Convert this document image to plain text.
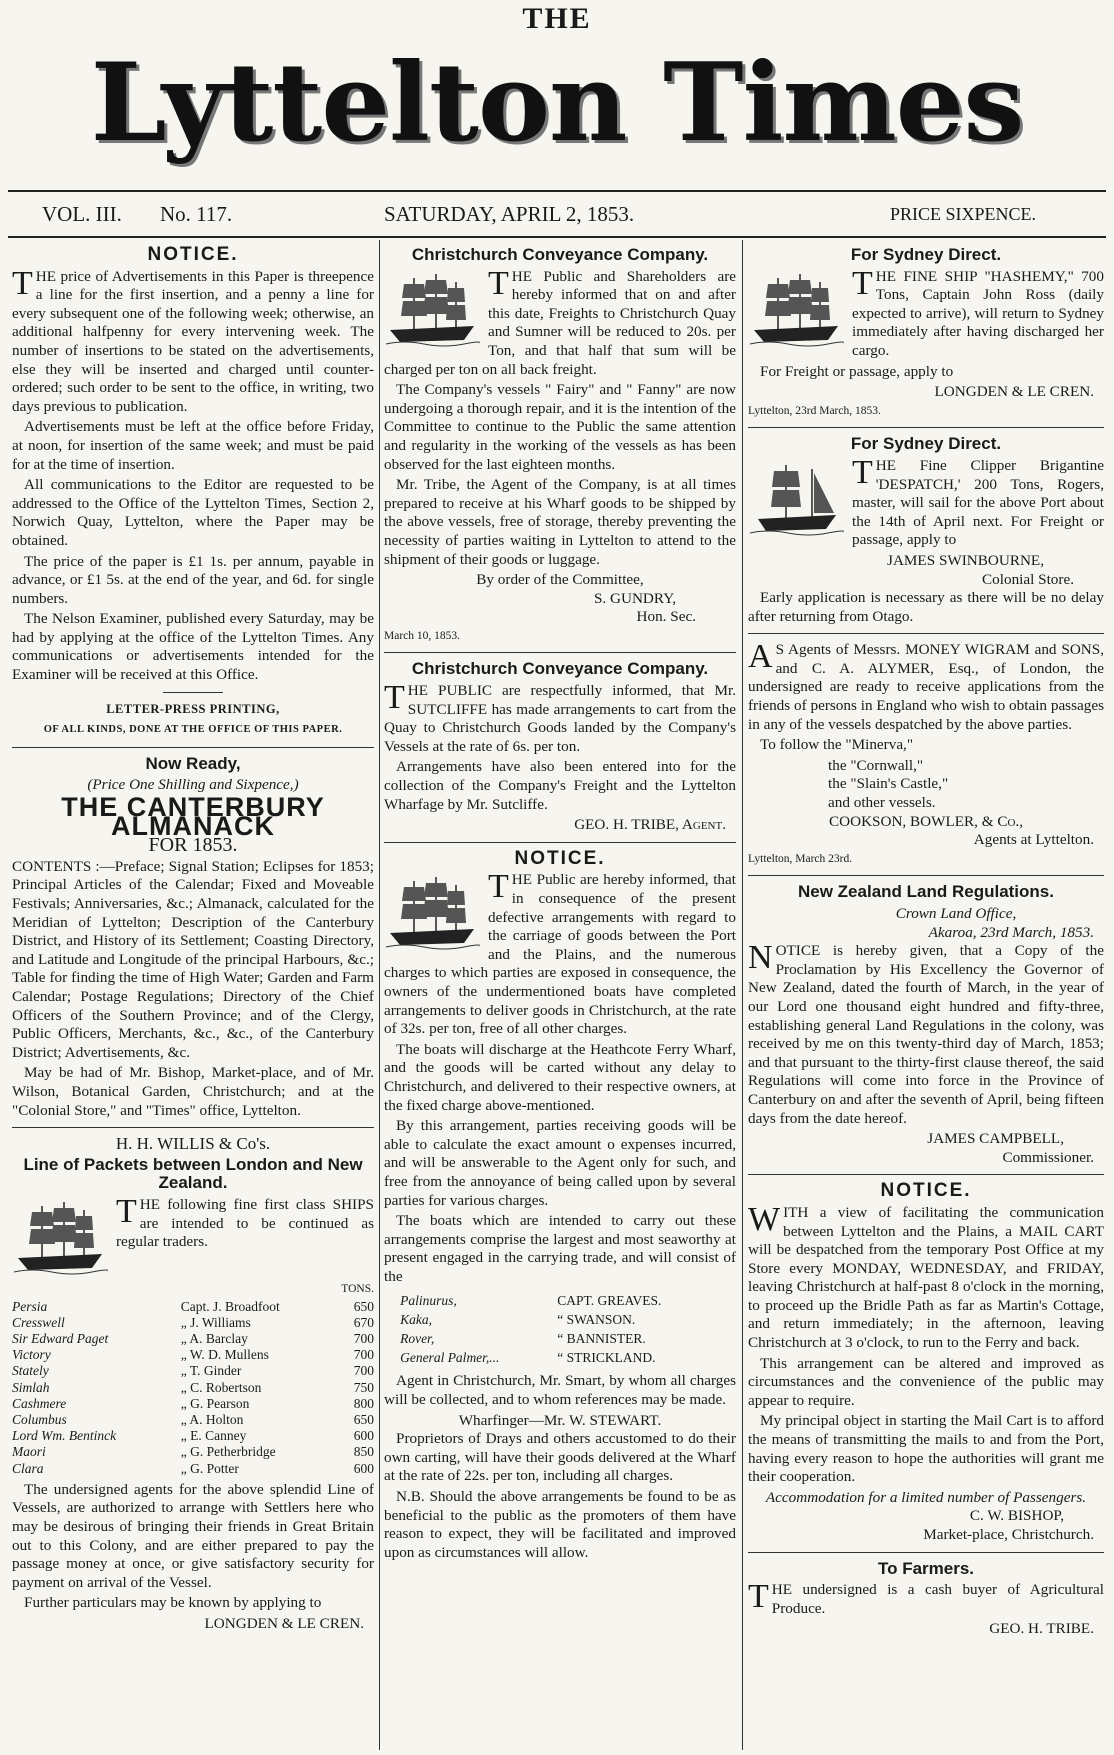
THE
Lyttelton Times
VOL. III. No. 117.	SATURDAY, APRIL 2, 1853.	PRICE SIXPENCE.
NOTICE.

THE price of Advertisements in this Paper is threepence a line for the first insertion, and a penny a line for every subsequent one of the following week; otherwise, an additional halfpenny for every intervening week. The number of insertions to be stated on the advertisements, else they will be inserted and charged until counter-ordered; such order to be sent to the office, in writing, two days previous to publication.

Advertisements must be left at the office before Friday, at noon, for insertion of the same week; and must be paid for at the time of insertion.

All communications to the Editor are requested to be addressed to the Office of the Lyttelton Times, Section 2, Norwich Quay, Lyttelton, where the Paper may be obtained.

The price of the paper is £1 1s. per annum, payable in advance, or £1 5s. at the end of the year, and 6d. for single numbers.

The Nelson Examiner, published every Saturday, may be had by applying at the office of the Lyttelton Times. Any communications or advertisements intended for the Examiner will be received at this Office.

LETTER-PRESS PRINTING,
OF ALL KINDS, DONE AT THE OFFICE OF THIS PAPER.
Now Ready,
(Price One Shilling and Sixpence,)
THE CANTERBURY ALMANACK
FOR 1853.

CONTENTS :—Preface; Signal Station; Eclipses for 1853; Principal Articles of the Calendar; Fixed and Moveable Festivals; Anniversaries, &c.; Almanack, calculated for the Meridian of Lyttelton; Description of the Canterbury District, and History of its Settlement; Coasting Directory, and Latitude and Longitude of the principal Harbours, &c.; Table for finding the time of High Water; Garden and Farm Calendar; Postage Regulations; Directory of the Chief Officers of the Southern Province; and of the Clergy, Public Officers, Merchants, &c., &c., of the Canterbury District; Advertisements, &c.

May be had of Mr. Bishop, Market-place, and of Mr. Wilson, Botanical Garden, Christchurch; and at the "Colonial Store," and "Times" office, Lyttelton.

H. H. WILLIS & Co's.
Line of Packets between London and New Zealand.

THE following fine first class SHIPS are intended to be continued as regular traders.

TONS.
Persia	Capt. J. Broadfoot	650
Cresswell	„ J. Williams	670
Sir Edward Paget	„ A. Barclay	700
Victory	„ W. D. Mullens	700
Stately	„ T. Ginder	700
Simlah	„ C. Robertson	750
Cashmere	„ G. Pearson	800
Columbus	„ A. Holton	650
Lord Wm. Bentinck	„ E. Canney	600
Maori	„ G. Petherbridge	850
Clara	„ G. Potter	600

The undersigned agents for the above splendid Line of Vessels, are authorized to arrange with Settlers here who may be desirous of bringing their friends in Great Britain out to this Colony, and are either prepared to pay the passage money at once, or give satisfactory security for payment on arrival of the Vessel.

Further particulars may be known by applying to

LONGDEN & LE CREN.
Christchurch Conveyance Company.

THE Public and Shareholders are hereby informed that on and after this date, Freights to Christchurch Quay and Sumner will be reduced to 20s. per Ton, and that half that sum will be charged per ton on all back freight.

The Company's vessels " Fairy" and " Fanny" are now undergoing a thorough repair, and it is the intention of the Committee to continue to the Public the same attention and regularity in the working of the vessels as has been observed for the last eighteen months.

Mr. Tribe, the Agent of the Company, is at all times prepared to receive at his Wharf goods to be shipped by the above vessels, free of storage, thereby preventing the necessity of parties waiting in Lyttelton to attend to the shipment of their goods or luggage.

By order of the Committee,
S. GUNDRY,
Hon. Sec.
March 10, 1853.
Christchurch Conveyance Company.

THE PUBLIC are respectfully informed, that Mr. SUTCLIFFE has made arrangements to cart from the Quay to Christchurch Goods landed by the Company's Vessels at the rate of 6s. per ton.

Arrangements have also been entered into for the collection of the Company's Freight and the Lyttelton Wharfage by Mr. Sutcliffe.

GEO. H. TRIBE, Agent.
NOTICE.

THE Public are hereby informed, that in consequence of the present defective arrangements with regard to the carriage of goods between the Port and the Plains, and the numerous charges to which parties are exposed in consequence, the owners of the undermentioned boats have completed arrangements to deliver goods in Christchurch, at the rate of 32s. per ton, free of all other charges.

The boats will discharge at the Heathcote Ferry Wharf, and the goods will be carted without any delay to Christchurch, and delivered to their respective owners, at the fixed charge above-mentioned.

By this arrangement, parties receiving goods will be able to calculate the exact amount o expenses incurred, and will be answerable to the Agent only for such, and free from the annoyance of being called upon by several parties for various charges.

The boats which are intended to carry out these arrangements comprise the largest and most seaworthy at present engaged in the carrying trade, and will consist of the

Palinurus,	CAPT. GREAVES.
Kaka,	“ SWANSON.
Rover,	“ BANNISTER.
General Palmer,...	“ STRICKLAND.

Agent in Christchurch, Mr. Smart, by whom all charges will be collected, and to whom references may be made.

Wharfinger—Mr. W. STEWART.

Proprietors of Drays and others accustomed to do their own carting, will have their goods delivered at the Wharf at the rate of 22s. per ton, including all charges.

N.B. Should the above arrangements be found to be as beneficial to the public as the promoters of them have reason to expect, they will be facilitated and improved upon as circumstances will allow.

For Sydney Direct.

THE FINE SHIP "HASHEMY," 700 Tons, Captain John Ross (daily expected to arrive), will return to Sydney immediately after having discharged her cargo.

For Freight or passage, apply to

LONGDEN & LE CREN.
Lyttelton, 23rd March, 1853.
For Sydney Direct.

THE Fine Clipper Brigantine 'DESPATCH,' 200 Tons, Rogers, master, will sail for the above Port about the 14th of April next. For Freight or passage, apply to

JAMES SWINBOURNE,
Colonial Store.

Early application is necessary as there will be no delay after returning from Otago.

AS Agents of Messrs. MONEY WIGRAM and SONS, and C. A. ALYMER, Esq., of London, the undersigned are ready to receive applications from the friends of persons in England who wish to obtain passages in any of the vessels despatched by the above parties.

To follow the "Minerva,"

the "Cornwall,"
the "Slain's Castle,"
and other vessels.
COOKSON, BOWLER, & Co.,
Agents at Lyttelton.
Lyttelton, March 23rd.
New Zealand Land Regulations.
Crown Land Office,
Akaroa, 23rd March, 1853.

NOTICE is hereby given, that a Copy of the Proclamation by His Excellency the Governor of New Zealand, dated the fourth of March, in the year of our Lord one thousand eight hundred and fifty-three, establishing general Land Regulations in the colony, was received by me on this twenty-third day of March, 1853; and that pursuant to the thirty-first clause thereof, the said Regulations will come into force in the Province of Canterbury on and after the seventh of April, being fifteen days from the date hereof.

JAMES CAMPBELL,
Commissioner.
NOTICE.

WITH a view of facilitating the communication between Lyttelton and the Plains, a MAIL CART will be despatched from the temporary Post Office at my Store every MONDAY, WEDNESDAY, and FRIDAY, leaving Christchurch at half-past 8 o'clock in the morning, to proceed up the Bridle Path as far as Martin's Cottage, and return immediately; in the afternoon, leaving Christchurch at 3 o'clock, to run to the Ferry and back.

This arrangement can be altered and improved as circumstances and the convenience of the public may appear to require.

My principal object in starting the Mail Cart is to afford the means of transmitting the mails to and from the Port, having every reason to hope the authorities will grant me their cooperation.

Accommodation for a limited number of Passengers.
C. W. BISHOP,
Market-place, Christchurch.
To Farmers.

THE undersigned is a cash buyer of Agricultural Produce.

GEO. H. TRIBE.
